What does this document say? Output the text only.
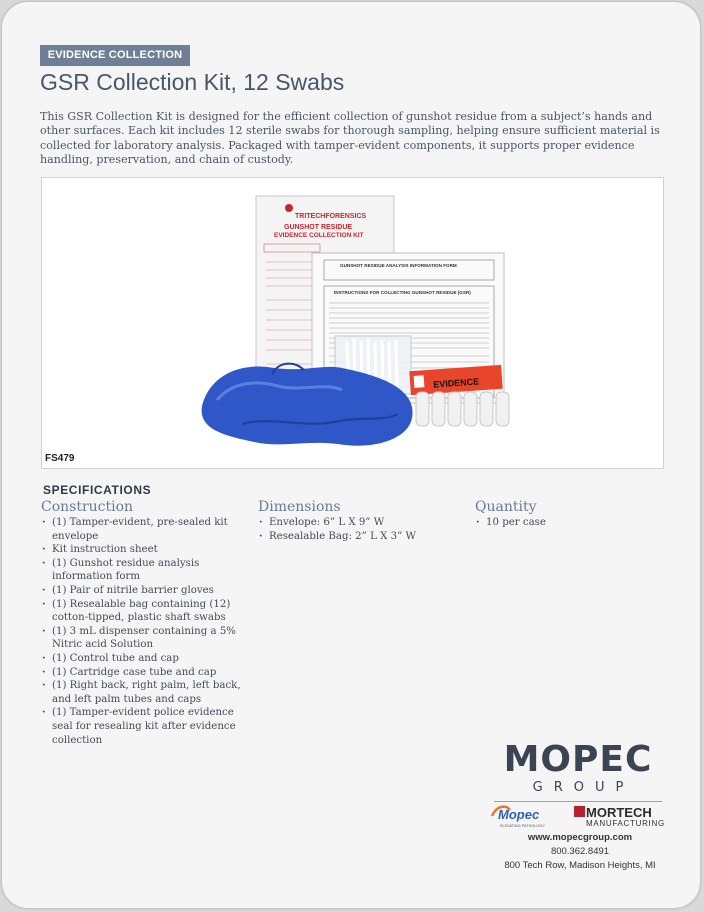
EVIDENCE COLLECTION
GSR Collection Kit, 12 Swabs
This GSR Collection Kit is designed for the efficient collection of gunshot residue from a subject’s hands and other surfaces. Each kit includes 12 sterile swabs for thorough sampling, helping ensure sufficient material is collected for laboratory analysis. Packaged with tamper-evident components, it supports proper evidence handling, preservation, and chain of custody.
TRITECHFORENSICS
GUNSHOT RESIDUE
EVIDENCE COLLECTION KIT
GUNSHOT RESIDUE ANALYSIS INFORMATION FORM
INSTRUCTIONS FOR COLLECTING GUNSHOT RESIDUE (GSR)
EVIDENCE
FS479
SPECIFICATIONS
Construction
· (1) Tamper-evident, pre-sealed kit envelope
· Kit instruction sheet
· (1) Gunshot residue analysis information form
· (1) Pair of nitrile barrier gloves
· (1) Resealable bag containing (12) cotton-tipped, plastic shaft swabs
· (1) 3 mL dispenser containing a 5% Nitric acid Solution
· (1) Control tube and cap
· (1) Cartridge case tube and cap
· (1) Right back, right palm, left back, and left palm tubes and caps
· (1) Tamper-evident police evidence seal for resealing kit after evidence collection
Dimensions
· Envelope: 6” L X 9” W
· Resealable Bag: 2” L X 3” W
Quantity
· 10 per case
MOPEC
GROUP
Mopec
ELEVATING PATHOLOGY
MORTECH
MANUFACTURING
www.mopecgroup.com
800.362.8491
800 Tech Row, Madison Heights, MI
